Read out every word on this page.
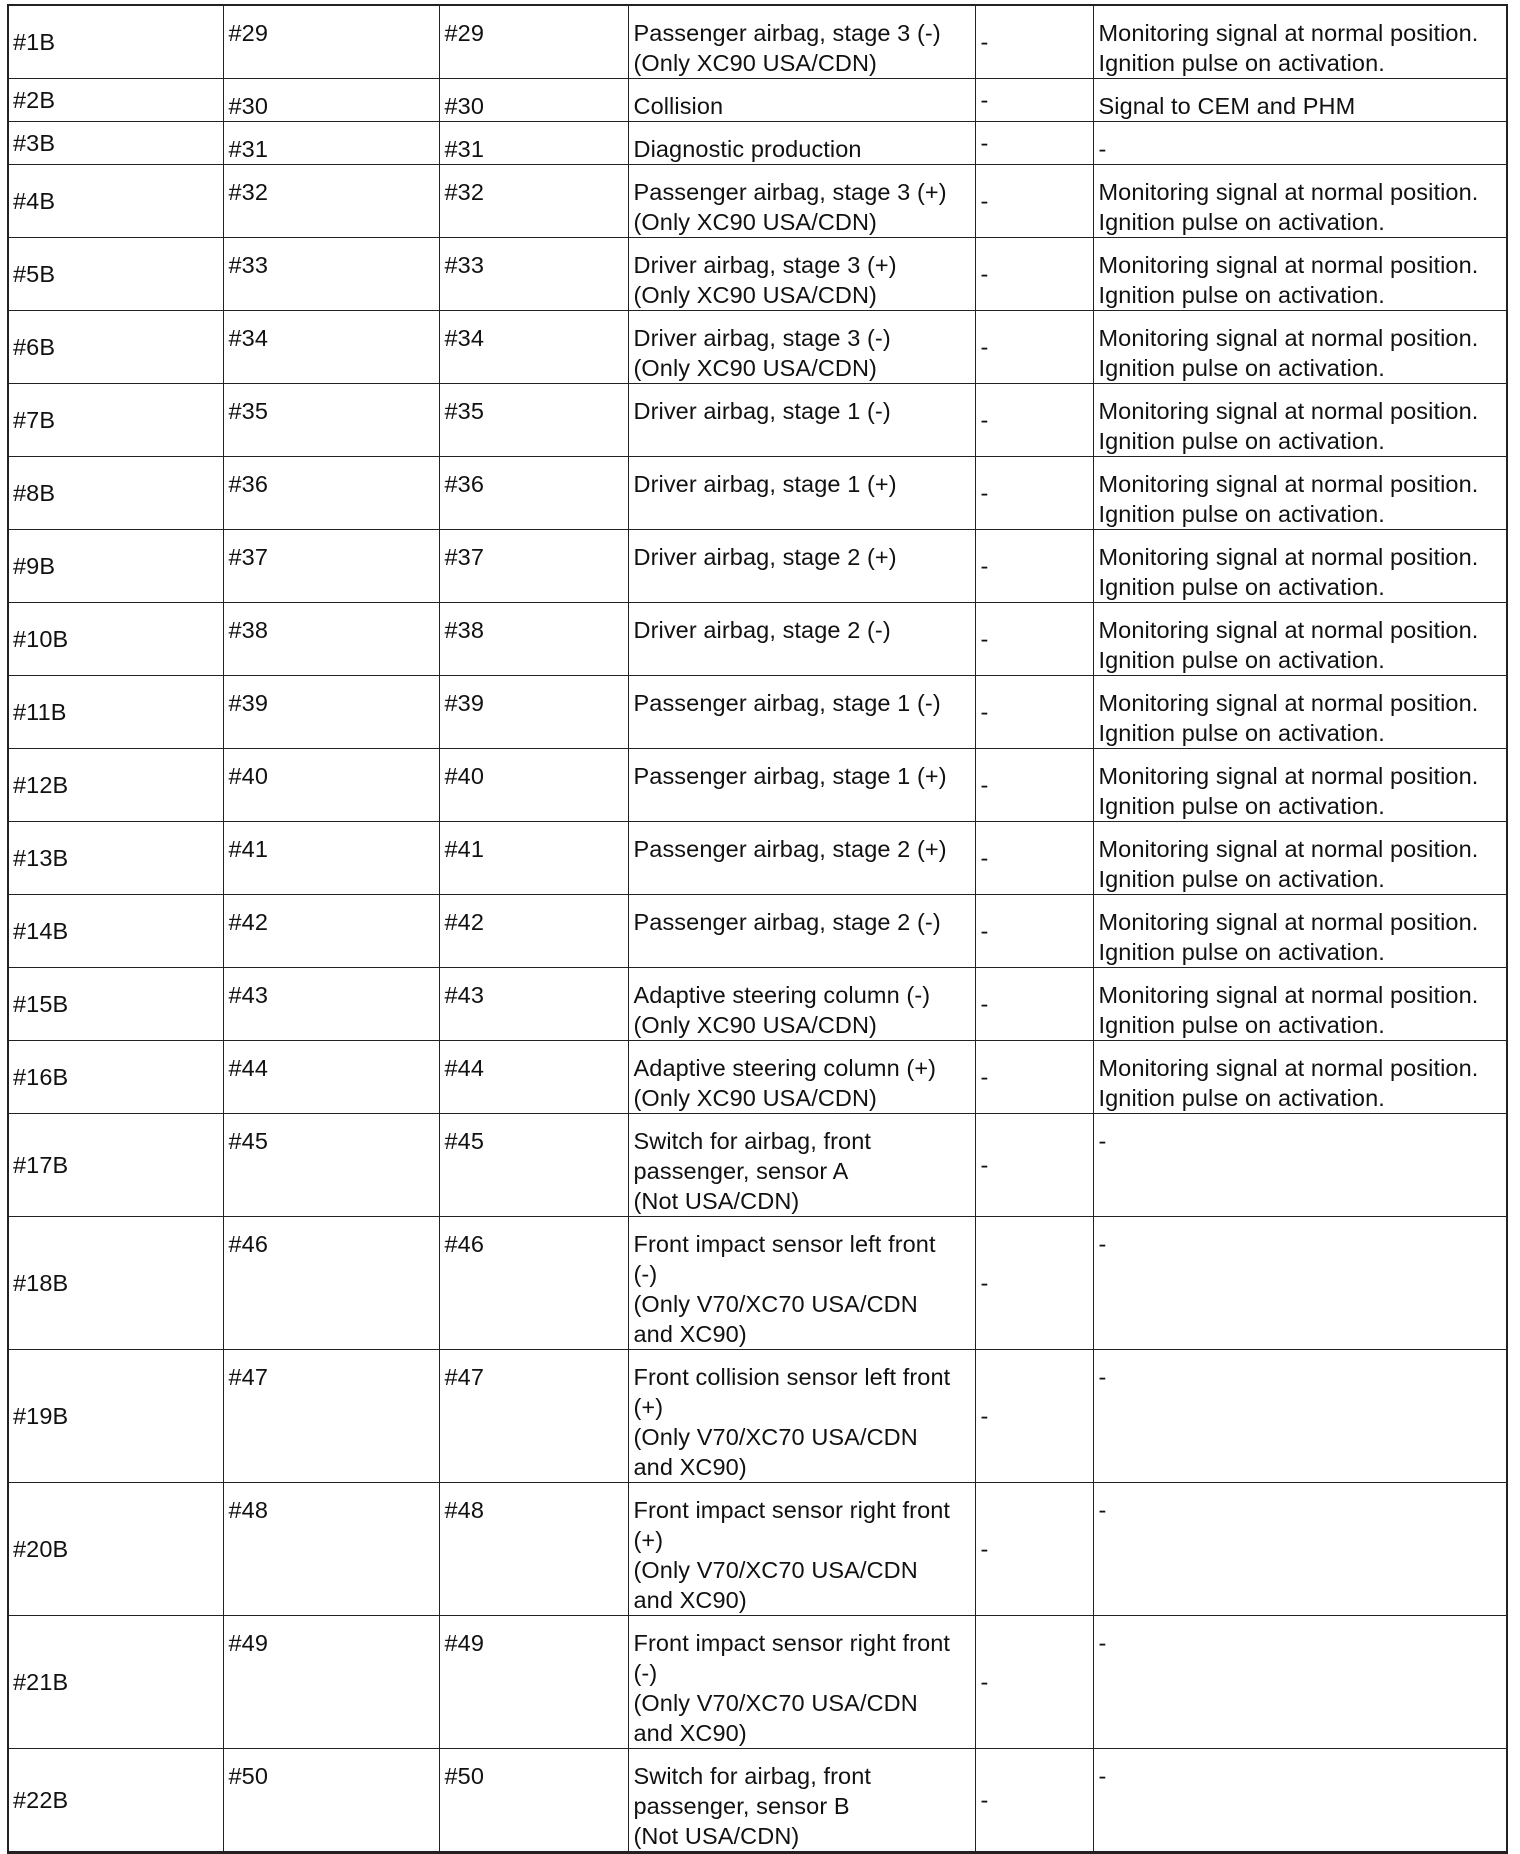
#1B	#29	#29	Passenger airbag, stage 3 (-)
(Only XC90 USA/CDN)	-	Monitoring signal at normal position.
Ignition pulse on activation.
#2B	#30	#30	Collision	-	Signal to CEM and PHM
#3B	#31	#31	Diagnostic production	-	-
#4B	#32	#32	Passenger airbag, stage 3 (+)
(Only XC90 USA/CDN)	-	Monitoring signal at normal position.
Ignition pulse on activation.
#5B	#33	#33	Driver airbag, stage 3 (+)
(Only XC90 USA/CDN)	-	Monitoring signal at normal position.
Ignition pulse on activation.
#6B	#34	#34	Driver airbag, stage 3 (-)
(Only XC90 USA/CDN)	-	Monitoring signal at normal position.
Ignition pulse on activation.
#7B	#35	#35	Driver airbag, stage 1 (-)	-	Monitoring signal at normal position.
Ignition pulse on activation.
#8B	#36	#36	Driver airbag, stage 1 (+)	-	Monitoring signal at normal position.
Ignition pulse on activation.
#9B	#37	#37	Driver airbag, stage 2 (+)	-	Monitoring signal at normal position.
Ignition pulse on activation.
#10B	#38	#38	Driver airbag, stage 2 (-)	-	Monitoring signal at normal position.
Ignition pulse on activation.
#11B	#39	#39	Passenger airbag, stage 1 (-)	-	Monitoring signal at normal position.
Ignition pulse on activation.
#12B	#40	#40	Passenger airbag, stage 1 (+)	-	Monitoring signal at normal position.
Ignition pulse on activation.
#13B	#41	#41	Passenger airbag, stage 2 (+)	-	Monitoring signal at normal position.
Ignition pulse on activation.
#14B	#42	#42	Passenger airbag, stage 2 (-)	-	Monitoring signal at normal position.
Ignition pulse on activation.
#15B	#43	#43	Adaptive steering column (-)
(Only XC90 USA/CDN)	-	Monitoring signal at normal position.
Ignition pulse on activation.
#16B	#44	#44	Adaptive steering column (+)
(Only XC90 USA/CDN)	-	Monitoring signal at normal position.
Ignition pulse on activation.
#17B	#45	#45	Switch for airbag, front
passenger, sensor A
(Not USA/CDN)	-	-
#18B	#46	#46	Front impact sensor left front
(-)
(Only V70/XC70 USA/CDN
and XC90)	-	-
#19B	#47	#47	Front collision sensor left front
(+)
(Only V70/XC70 USA/CDN
and XC90)	-	-
#20B	#48	#48	Front impact sensor right front
(+)
(Only V70/XC70 USA/CDN
and XC90)	-	-
#21B	#49	#49	Front impact sensor right front
(-)
(Only V70/XC70 USA/CDN
and XC90)	-	-
#22B	#50	#50	Switch for airbag, front
passenger, sensor B
(Not USA/CDN)	-	-
